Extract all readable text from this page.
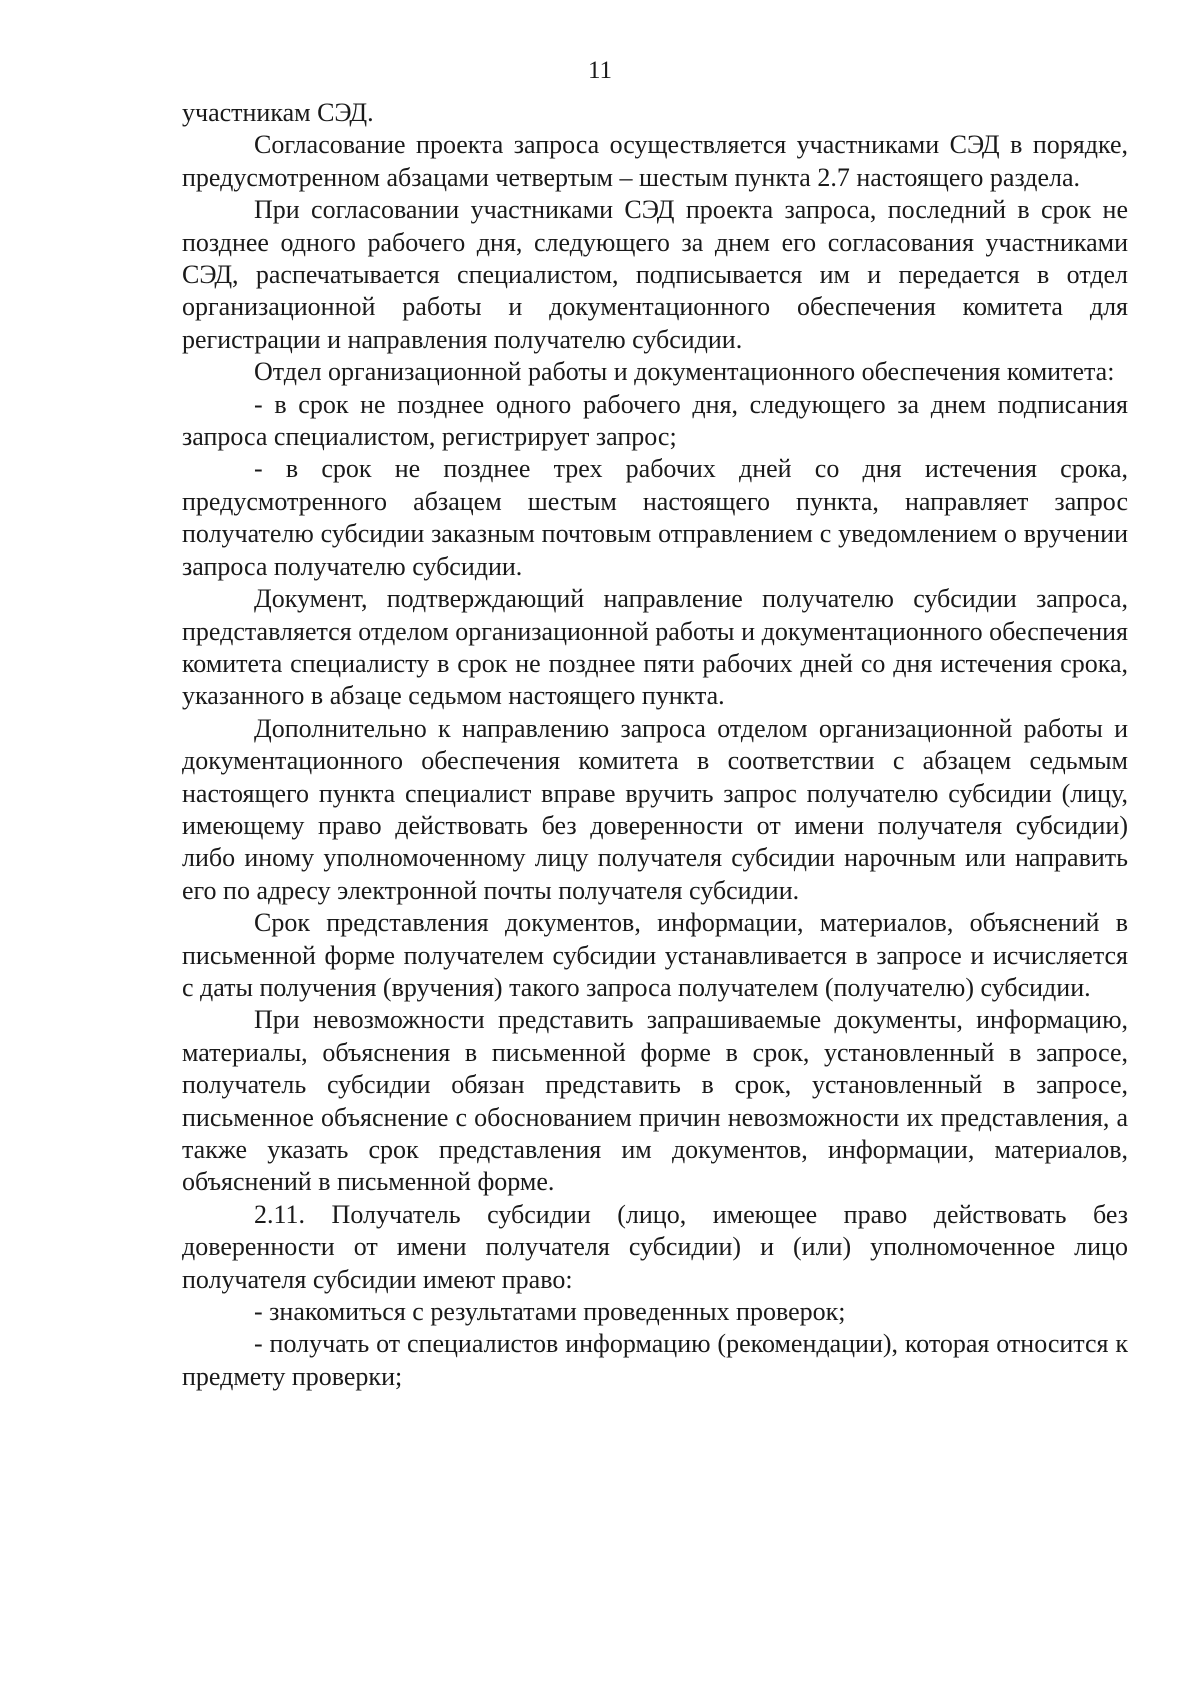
11

участникам СЭД.

Согласование проекта запроса осуществляется участниками СЭД в порядке, предусмотренном абзацами четвертым – шестым пункта 2.7 настоящего раздела.

При согласовании участниками СЭД проекта запроса, последний в срок не позднее одного рабочего дня, следующего за днем его согласования участниками СЭД, распечатывается специалистом, подписывается им и передается в отдел организационной работы и документационного обеспечения комитета для регистрации и направления получателю субсидии.

Отдел организационной работы и документационного обеспечения комитета:

- в срок не позднее одного рабочего дня, следующего за днем подписания запроса специалистом, регистрирует запрос;

- в срок не позднее трех рабочих дней со дня истечения срока, предусмотренного абзацем шестым настоящего пункта, направляет запрос получателю субсидии заказным почтовым отправлением с уведомлением о вручении запроса получателю субсидии.

Документ, подтверждающий направление получателю субсидии запроса, представляется отделом организационной работы и документационного обеспечения комитета специалисту в срок не позднее пяти рабочих дней со дня истечения срока, указанного в абзаце седьмом настоящего пункта.

Дополнительно к направлению запроса отделом организационной работы и документационного обеспечения комитета в соответствии с абзацем седьмым настоящего пункта специалист вправе вручить запрос получателю субсидии (лицу, имеющему право действовать без доверенности от имени получателя субсидии) либо иному уполномоченному лицу получателя субсидии нарочным или направить его по адресу электронной почты получателя субсидии.

Срок представления документов, информации, материалов, объяснений в письменной форме получателем субсидии устанавливается в запросе и исчисляется с даты получения (вручения) такого запроса получателем (получателю) субсидии.

При невозможности представить запрашиваемые документы, информацию, материалы, объяснения в письменной форме в срок, установленный в запросе, получатель субсидии обязан представить в срок, установленный в запросе, письменное объяснение с обоснованием причин невозможности их представления, а также указать срок представления им документов, информации, материалов, объяснений в письменной форме.

2.11. Получатель субсидии (лицо, имеющее право действовать без доверенности от имени получателя субсидии) и (или) уполномоченное лицо получателя субсидии имеют право:

- знакомиться с результатами проведенных проверок;

- получать от специалистов информацию (рекомендации), которая относится к предмету проверки;
